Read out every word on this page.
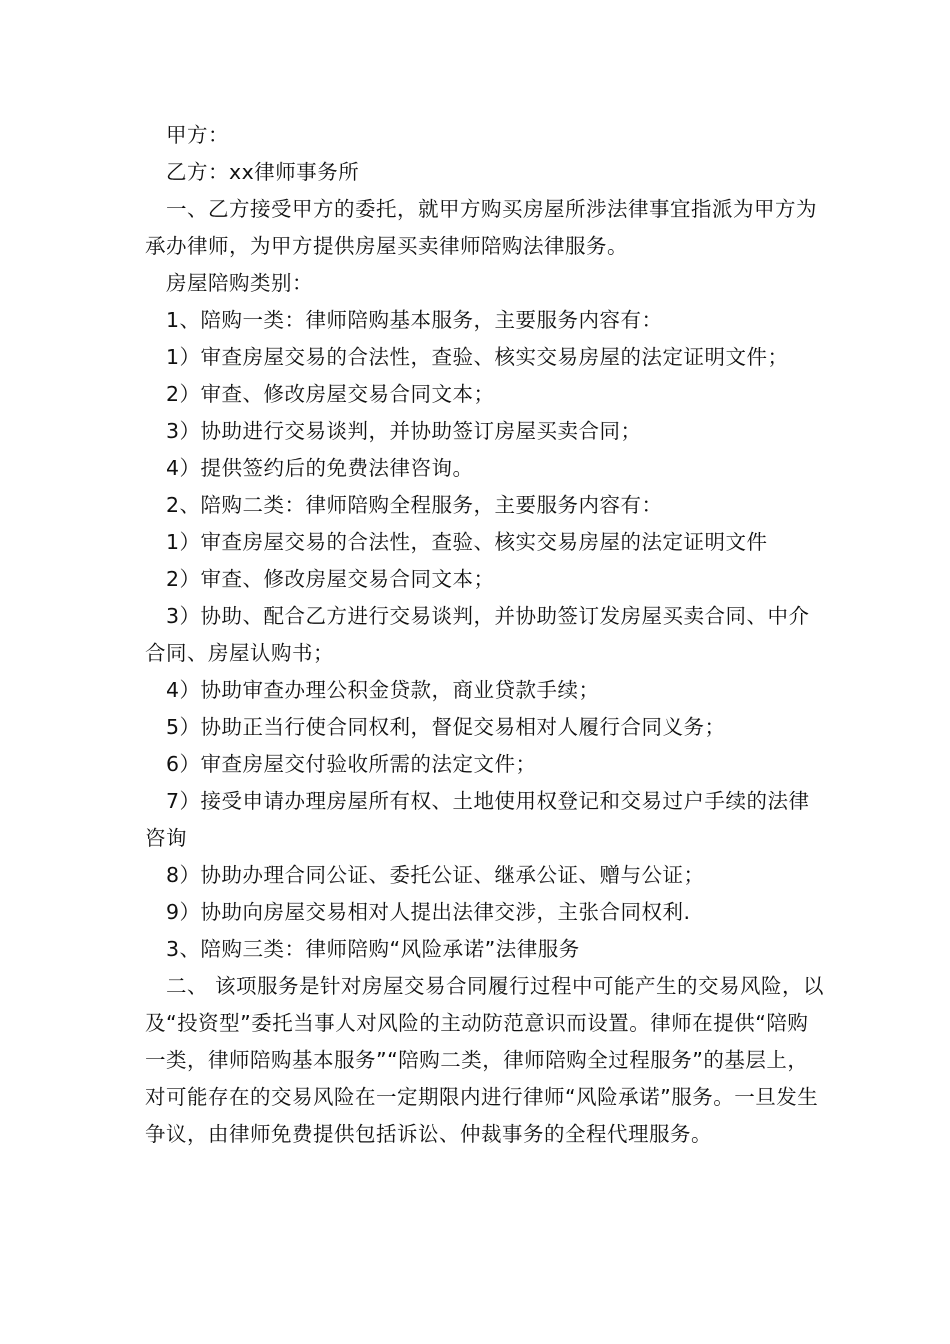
甲方：

乙方：xx律师事务所

一、乙方接受甲方的委托，就甲方购买房屋所涉法律事宜指派为甲方为承办律师，为甲方提供房屋买卖律师陪购法律服务。

房屋陪购类别：

1、陪购一类：律师陪购基本服务，主要服务内容有：

1）审查房屋交易的合法性，查验、核实交易房屋的法定证明文件；

2）审查、修改房屋交易合同文本；

3）协助进行交易谈判，并协助签订房屋买卖合同；

4）提供签约后的免费法律咨询。

2、陪购二类：律师陪购全程服务，主要服务内容有：

1）审查房屋交易的合法性，查验、核实交易房屋的法定证明文件

2）审查、修改房屋交易合同文本；

3）协助、配合乙方进行交易谈判，并协助签订发房屋买卖合同、中介合同、房屋认购书；

4）协助审查办理公积金贷款，商业贷款手续；

5）协助正当行使合同权利，督促交易相对人履行合同义务；

6）审查房屋交付验收所需的法定文件；

7）接受申请办理房屋所有权、土地使用权登记和交易过户手续的法律咨询

8）协助办理合同公证、委托公证、继承公证、赠与公证；

9）协助向房屋交易相对人提出法律交涉，主张合同权利.

3、陪购三类：律师陪购“风险承诺”法律服务

二、 该项服务是针对房屋交易合同履行过程中可能产生的交易风险，以及“投资型”委托当事人对风险的主动防范意识而设置。律师在提供“陪购一类，律师陪购基本服务”“陪购二类，律师陪购全过程服务”的基层上，对可能存在的交易风险在一定期限内进行律师“风险承诺”服务。一旦发生争议，由律师免费提供包括诉讼、仲裁事务的全程代理服务。
